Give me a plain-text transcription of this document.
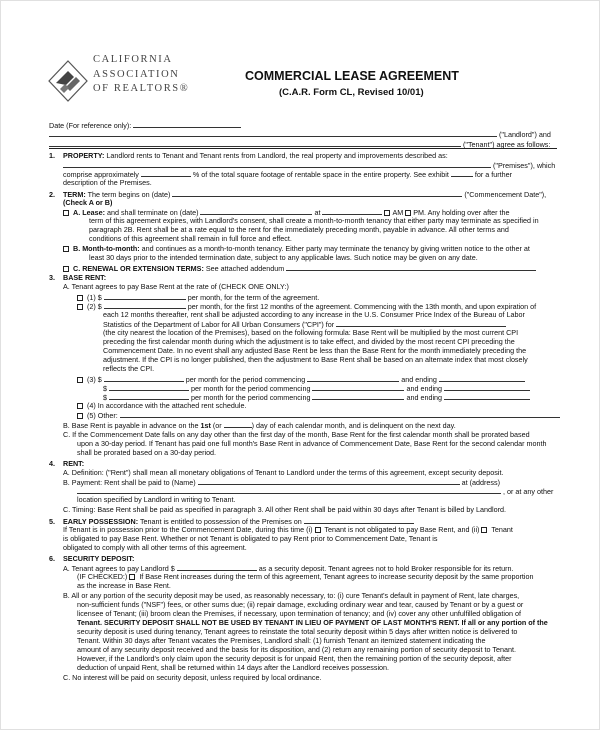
CALIFORNIA
ASSOCIATION
OF REALTORS®
COMMERCIAL LEASE AGREEMENT
(C.A.R. Form CL, Revised 10/01)
Date (For reference only):
("Landlord") and
("Tenant") agree as follows:
1. PROPERTY: Landlord rents to Tenant and Tenant rents from Landlord, the real property and improvements described as:
("Premises"), which
comprise approximately	% of the total square footage of rentable space in the entire property. See exhibit	for a further
description of the Premises.
2. TERM: The term begins on (date)	("Commencement Date"),
(Check A or B)
A. Lease: and shall terminate on (date)	at	AM PM. Any holding over after the
term of this agreement expires, with Landlord's consent, shall create a month-to-month tenancy that either party may terminate as specified in
paragraph 2B. Rent shall be at a rate equal to the rent for the immediately preceding month, payable in advance. All other terms and
conditions of this agreement shall remain in full force and effect.
B. Month-to-month: and continues as a month-to-month tenancy. Either party may terminate the tenancy by giving written notice to the other at
least 30 days prior to the intended termination date, subject to any applicable laws. Such notice may be given on any date.
C. RENEWAL OR EXTENSION TERMS: See attached addendum
3. BASE RENT:
A. Tenant agrees to pay Base Rent at the rate of (CHECK ONE ONLY:)
(1) $	per month, for the term of the agreement.
(2) $	per month, for the first 12 months of the agreement. Commencing with the 13th month, and upon expiration of
each 12 months thereafter, rent shall be adjusted according to any increase in the U.S. Consumer Price Index of the Bureau of Labor
Statistics of the Department of Labor for All Urban Consumers ("CPI") for
(the city nearest the location of the Premises), based on the following formula: Base Rent will be multiplied by the most current CPI
preceding the first calendar month during which the adjustment is to take effect, and divided by the most recent CPI preceding the
Commencement Date. In no event shall any adjusted Base Rent be less than the Base Rent for the month immediately preceding the
adjustment. If the CPI is no longer published, then the adjustment to Base Rent shall be based on an alternate index that most closely
reflects the CPI.
(3) $	per month for the period commencing	and ending
$	per month for the period commencing	and ending
$	per month for the period commencing	and ending
(4) In accordance with the attached rent schedule.
(5) Other:
B. Base Rent is payable in advance on the 1st (or	) day of each calendar month, and is delinquent on the next day.
C. If the Commencement Date falls on any day other than the first day of the month, Base Rent for the first calendar month shall be prorated based
upon a 30-day period. If Tenant has paid one full month's Base Rent in advance of Commencement Date, Base Rent for the second calendar month
shall be prorated based on a 30-day period.
4. RENT:
A. Definition: ("Rent") shall mean all monetary obligations of Tenant to Landlord under the terms of this agreement, except security deposit.
B. Payment: Rent shall be paid to (Name)	at (address)
, or at any other
location specified by Landlord in writing to Tenant.
C. Timing: Base Rent shall be paid as specified in paragraph 3. All other Rent shall be paid within 30 days after Tenant is billed by Landlord.
5. EARLY POSSESSION: Tenant is entitled to possession of the Premises on
If Tenant is in possession prior to the Commencement Date, during this time (i) Tenant is not obligated to pay Base Rent, and (ii) Tenant
is obligated to pay Base Rent. Whether or not Tenant is obligated to pay Rent prior to Commencement Date, Tenant is
obligated to comply with all other terms of this agreement.
6. SECURITY DEPOSIT:
A. Tenant agrees to pay Landlord $	as a security deposit. Tenant agrees not to hold Broker responsible for its return.
(IF CHECKED:) If Base Rent increases during the term of this agreement, Tenant agrees to increase security deposit by the same proportion
as the increase in Base Rent.
B. All or any portion of the security deposit may be used, as reasonably necessary, to: (i) cure Tenant's default in payment of Rent, late charges,
non-sufficient funds ("NSF") fees, or other sums due; (ii) repair damage, excluding ordinary wear and tear, caused by Tenant or by a guest or
licensee of Tenant; (iii) broom clean the Premises, if necessary, upon termination of tenancy; and (iv) cover any other unfulfilled obligation of
Tenant. SECURITY DEPOSIT SHALL NOT BE USED BY TENANT IN LIEU OF PAYMENT OF LAST MONTH'S RENT. If all or any portion of the
security deposit is used during tenancy, Tenant agrees to reinstate the total security deposit within 5 days after written notice is delivered to
Tenant. Within 30 days after Tenant vacates the Premises, Landlord shall: (1) furnish Tenant an itemized statement indicating the
amount of any security deposit received and the basis for its disposition, and (2) return any remaining portion of security deposit to Tenant.
However, if the Landlord's only claim upon the security deposit is for unpaid Rent, then the remaining portion of the security deposit, after
deduction of unpaid Rent, shall be returned within 14 days after the Landlord receives possession.
C. No interest will be paid on security deposit, unless required by local ordinance.
